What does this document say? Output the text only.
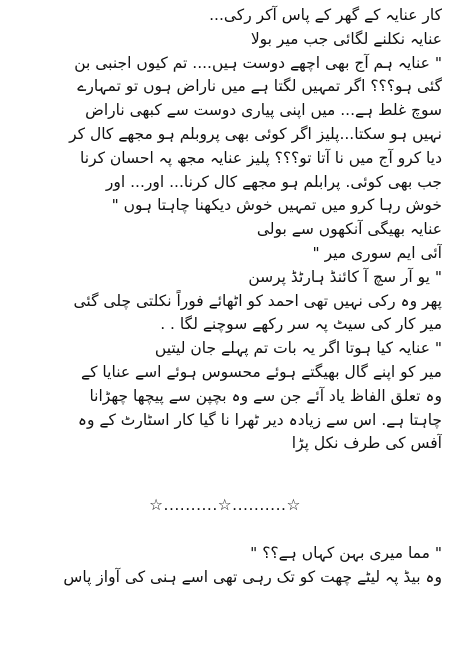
کار عنایہ کے گھر کے پاس آکر رکی...
عنایہ نکلنے لگائی جب میر بولا
" عنایہ ہم آج بھی اچھے دوست ہیں.... تم کیوں اجنبی بن
گئی ہو؟؟؟ اگر تمہیں لگتا ہے میں ناراض ہوں تو تمہارے
سوچ غلط ہے... میں اپنی پیاری دوست سے کبھی ناراض
نہیں ہو سکتا...پلیز اگر کوئی بھی پروبلم ہو مجھے کال کر
دیا کرو آج میں نا آتا تو؟؟؟ پلیز عنایہ مجھ پہ احسان کرنا
جب بھی کوئی. پرابلم ہو مجھے کال کرنا... اور... اور
خوش رہا کرو میں تمہیں خوش دیکھنا چاہتا ہوں "
عنایہ بھیگی آنکھوں سے بولی
آئی ایم سوری میر "
" یو آر سچ آ کائنڈ ہارٹڈ پرسن
پھر وہ رکی نہیں تھی احمد کو اٹھائے فوراً نکلتی چلی گئی
میر کار کی سیٹ پہ سر رکھے سوچنے لگا . .
" عنایہ کیا ہوتا اگر یہ بات تم پہلے جان لیتیں
میر کو اپنے گال بھیگتے ہوئے محسوس ہوئے اسے عنایا کے
وہ تعلق الفاظ یاد آئے جن سے وہ بچپن سے پیچھا چھڑانا
چاہتا ہے. اس سے زیادہ دیر ٹھرا نا گیا کار اسٹارٹ کے وہ
آفس کی طرف نکل پڑا
☆..........☆..........☆
" مما میری بہن کہاں ہے؟؟ "
وہ بیڈ پہ لیٹے چھت کو تک رہی تھی اسے ہنی کی آواز پاس
